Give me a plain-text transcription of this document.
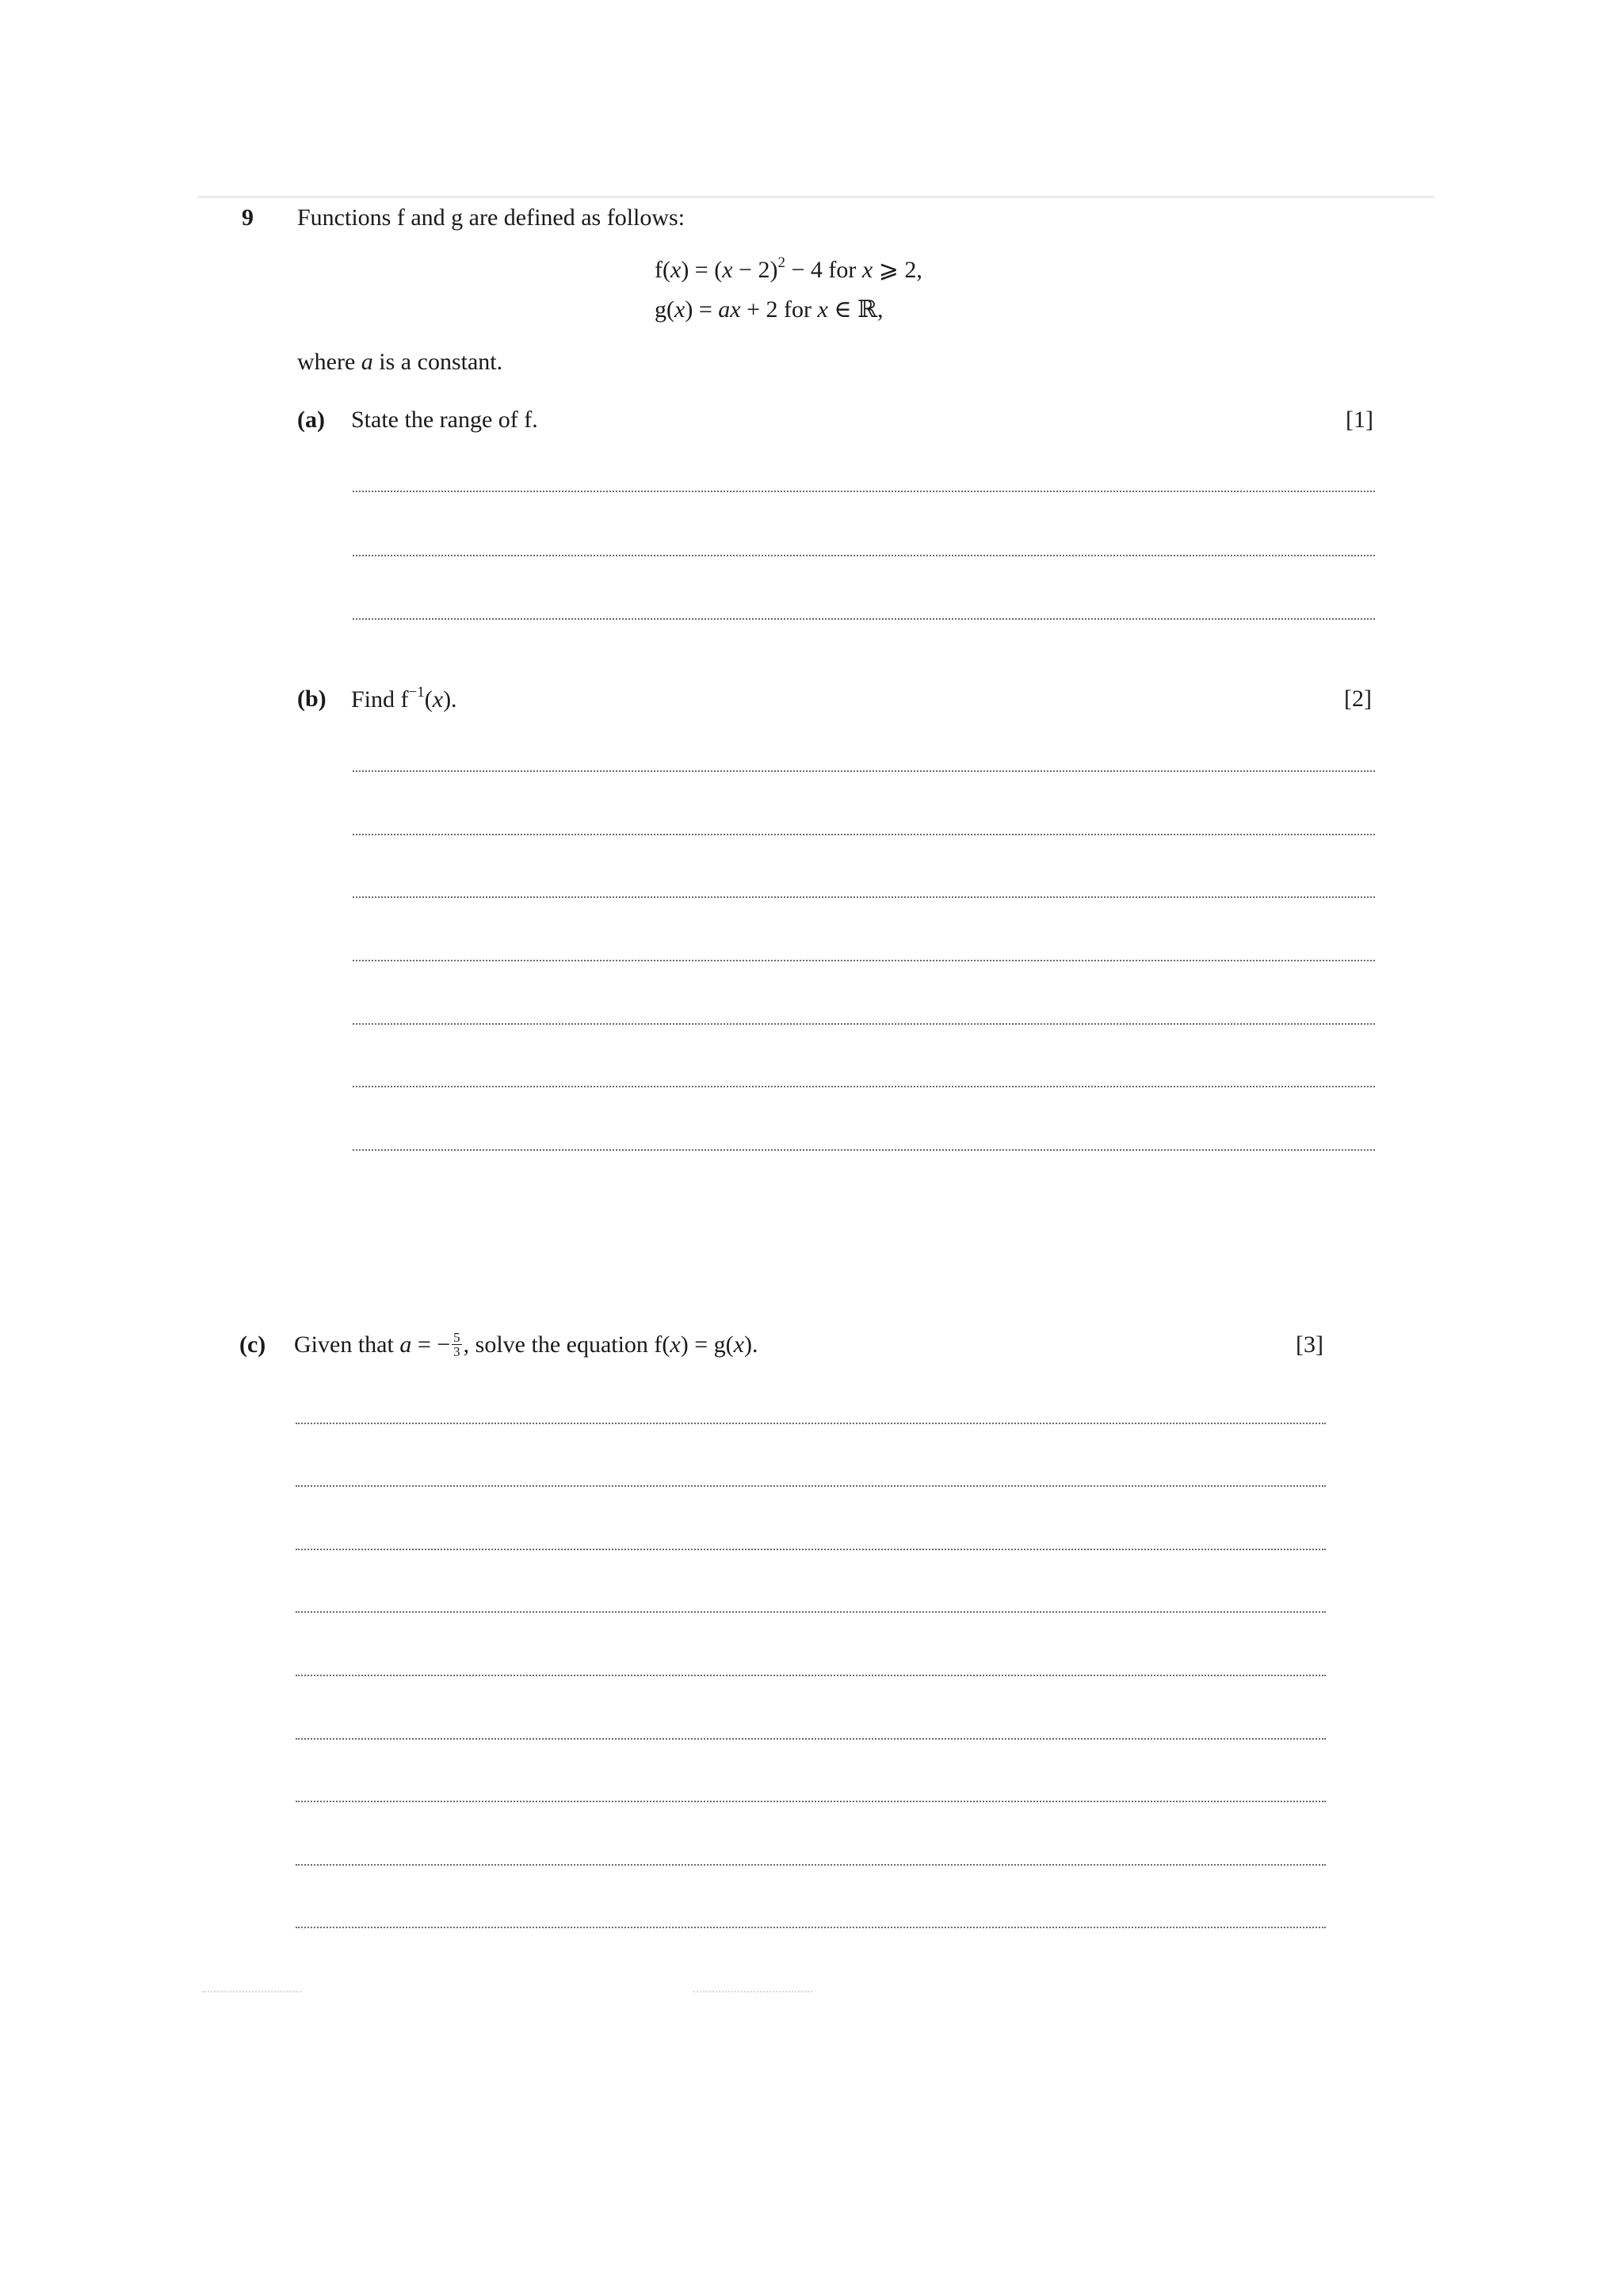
9 Functions f and g are defined as follows:
$f(x) = (x - 2)^2 - 4$ for x ⩾ 2,
g(x) = ax + 2 for x ∈ ℝ,
where a is a constant.
(a) State the range of f.	[1]
(b) Find $f^{-1}(x)$.	[2]
(c) Given that a = − $\frac{5}{3}$ , solve the equation f(x) = g(x).	[3]
